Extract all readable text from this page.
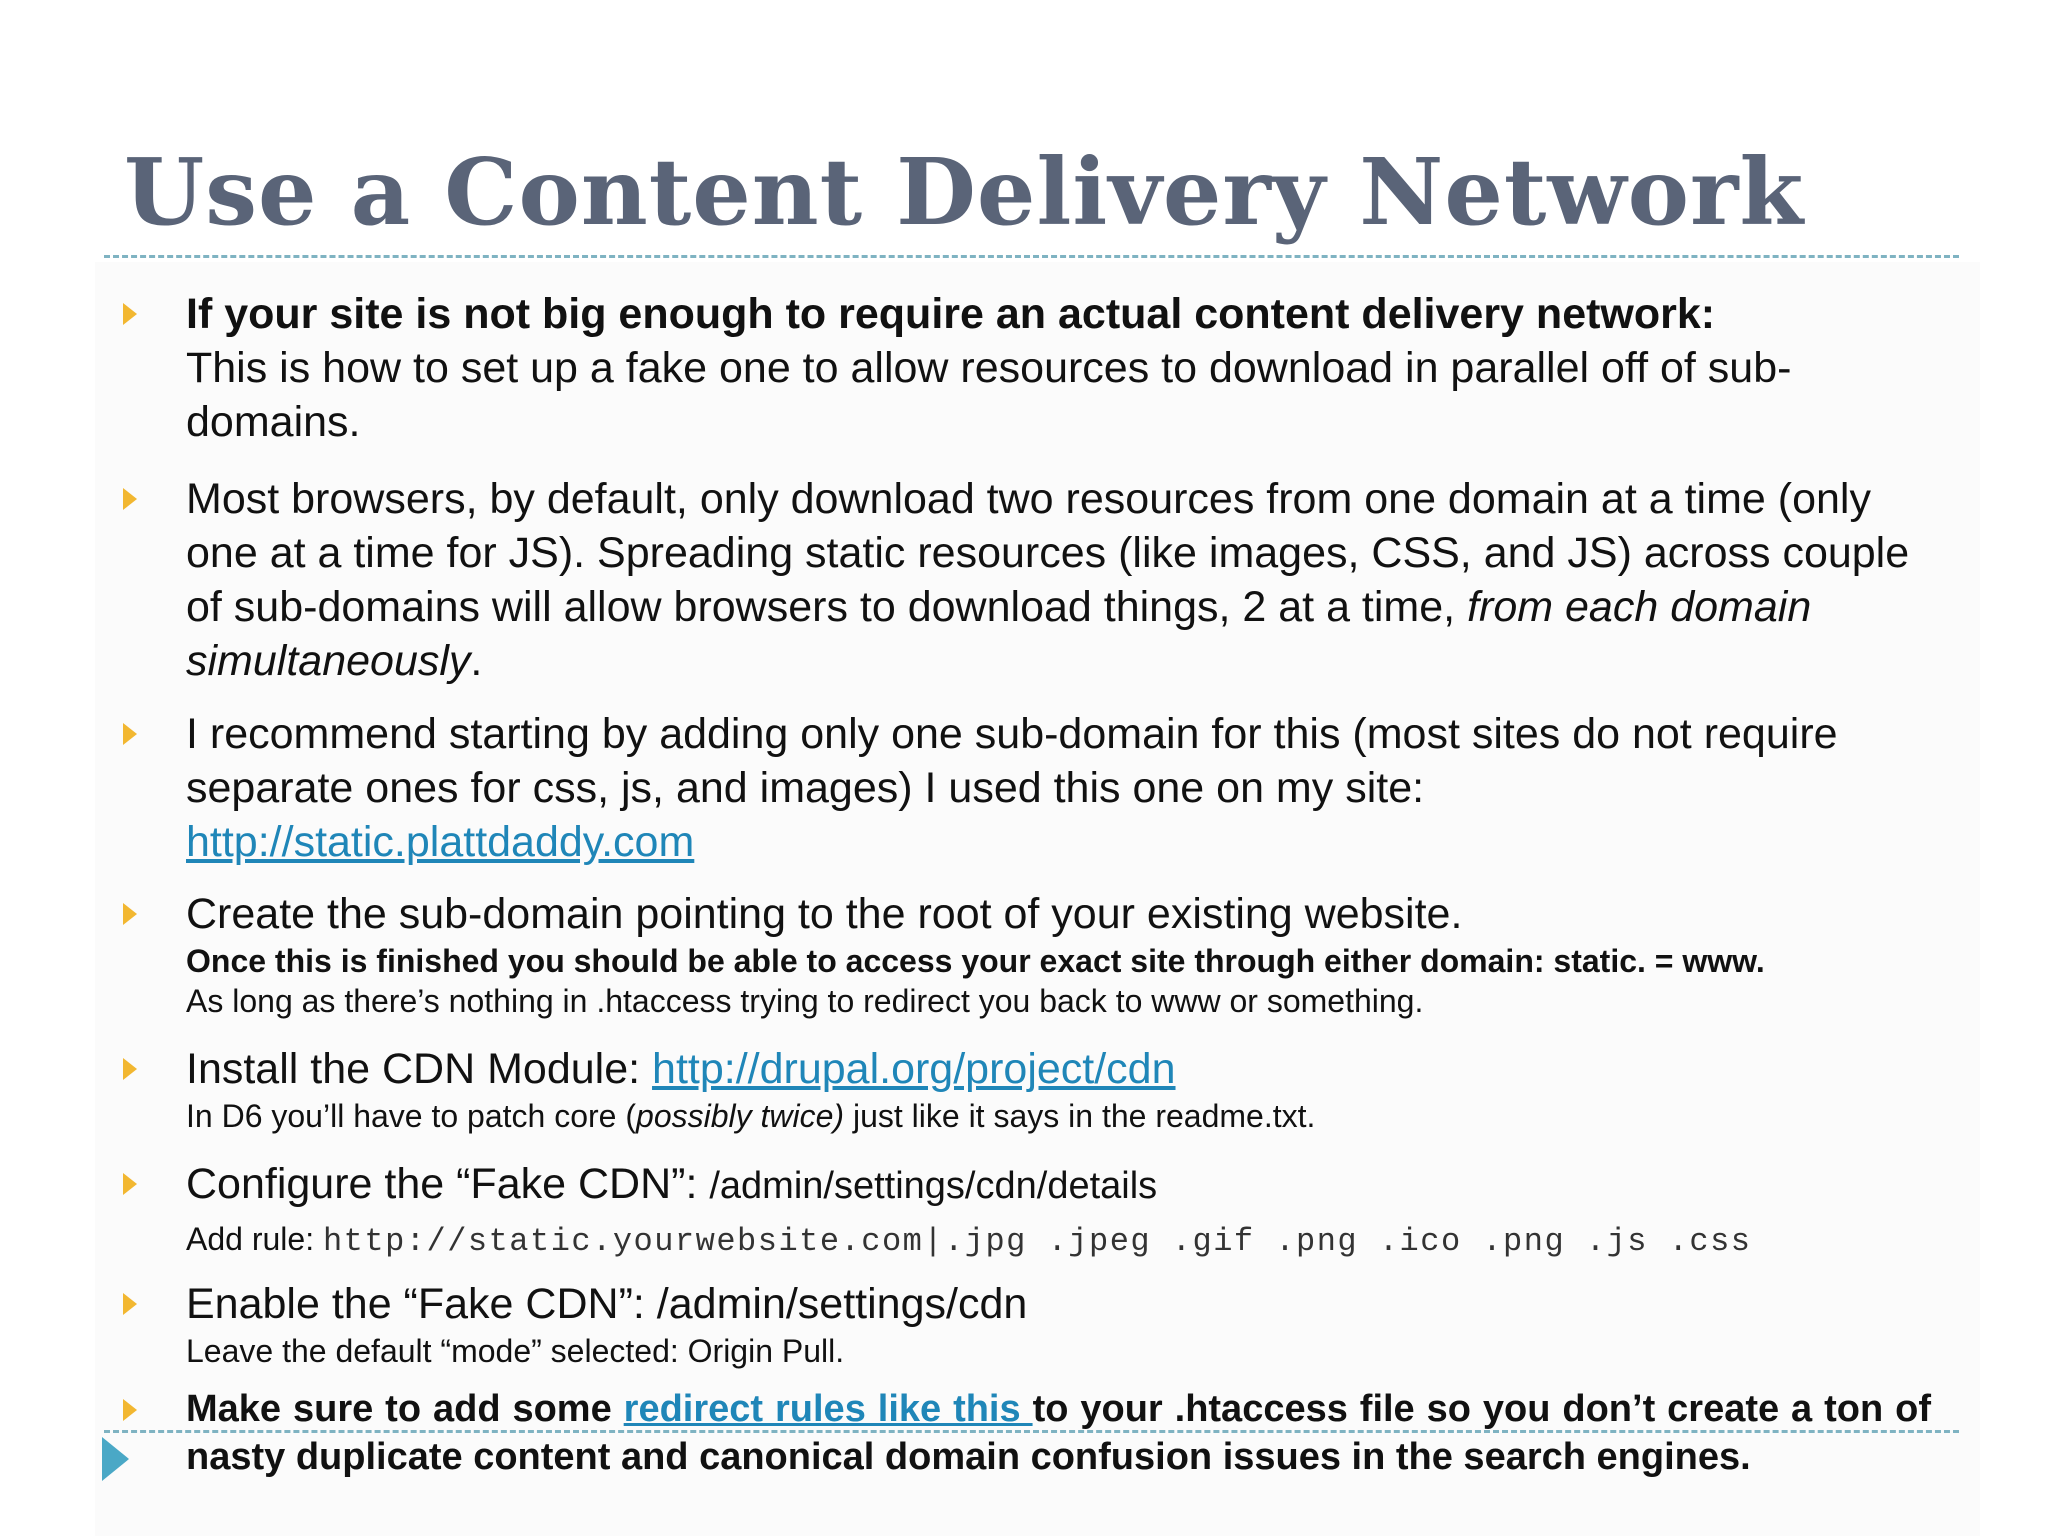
Use a Content Delivery Network
If your site is not big enough to require an actual content delivery network:
This is how to set up a fake one to allow resources to download in parallel off of sub-domains.
Most browsers, by default, only download two resources from one domain at a time (only one at a time for JS). Spreading static resources (like images, CSS, and JS) across couple of sub-domains will allow browsers to download things, 2 at a time, from each domain simultaneously.
I recommend starting by adding only one sub-domain for this (most sites do not require separate ones for css, js, and images) I used this one on my site:
http://static.plattdaddy.com
Create the sub-domain pointing to the root of your existing website.
Once this is finished you should be able to access your exact site through either domain: static. = www.
As long as there’s nothing in .htaccess trying to redirect you back to www or something.
Install the CDN Module: http://drupal.org/project/cdn
In D6 you’ll have to patch core (possibly twice) just like it says in the readme.txt.
Configure the “Fake CDN”: /admin/settings/cdn/details
Add rule: http://static.yourwebsite.com|.jpg .jpeg .gif .png .ico .png .js .css
Enable the “Fake CDN”: /admin/settings/cdn
Leave the default “mode” selected: Origin Pull.
Make sure to add some redirect rules like this to your .htaccess file so you don’t create a ton of nasty duplicate content and canonical domain confusion issues in the search engines.
